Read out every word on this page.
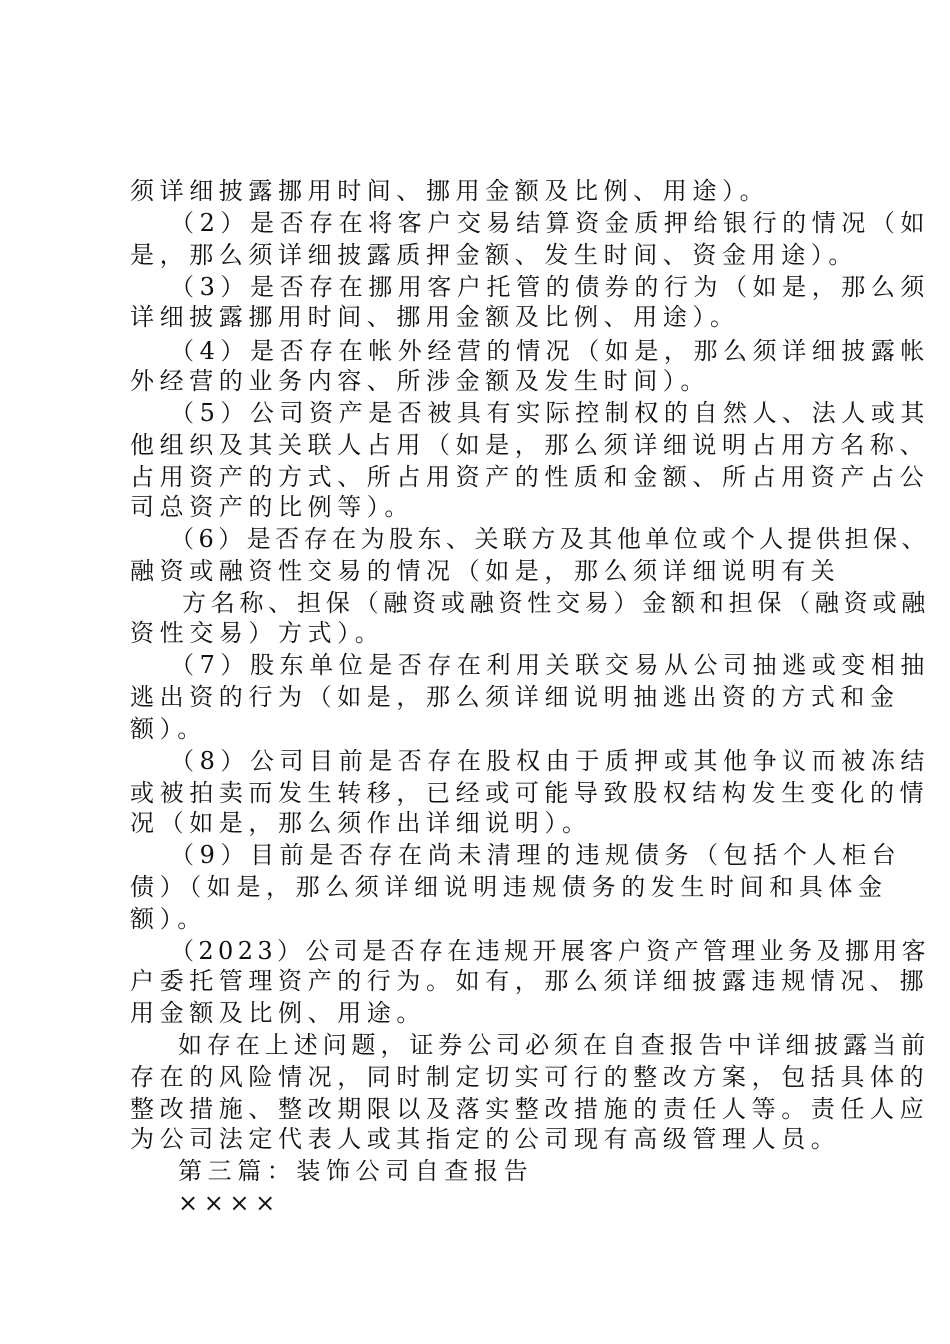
须详细披露挪用时间、挪用金额及比例、用途）。
（2）是否存在将客户交易结算资金质押给银行的情况（如
是，那么须详细披露质押金额、发生时间、资金用途）。
（3）是否存在挪用客户托管的债券的行为（如是，那么须
详细披露挪用时间、挪用金额及比例、用途）。
（4）是否存在帐外经营的情况（如是，那么须详细披露帐
外经营的业务内容、所涉金额及发生时间）。
（5）公司资产是否被具有实际控制权的自然人、法人或其
他组织及其关联人占用（如是，那么须详细说明占用方名称、
占用资产的方式、所占用资产的性质和金额、所占用资产占公
司总资产的比例等）。
（6）是否存在为股东、关联方及其他单位或个人提供担保、
融资或融资性交易的情况（如是，那么须详细说明有关
方名称、担保（融资或融资性交易）金额和担保（融资或融
资性交易）方式）。
（7）股东单位是否存在利用关联交易从公司抽逃或变相抽
逃出资的行为（如是，那么须详细说明抽逃出资的方式和金
额）。
（8）公司目前是否存在股权由于质押或其他争议而被冻结
或被拍卖而发生转移，已经或可能导致股权结构发生变化的情
况（如是，那么须作出详细说明）。
（9）目前是否存在尚未清理的违规债务（包括个人柜台
债）（如是，那么须详细说明违规债务的发生时间和具体金
额）。
（2023）公司是否存在违规开展客户资产管理业务及挪用客
户委托管理资产的行为。如有，那么须详细披露违规情况、挪
用金额及比例、用途。
如存在上述问题，证券公司必须在自查报告中详细披露当前
存在的风险情况，同时制定切实可行的整改方案，包括具体的
整改措施、整改期限以及落实整改措施的责任人等。责任人应
为公司法定代表人或其指定的公司现有高级管理人员。
第三篇：装饰公司自查报告
××××
